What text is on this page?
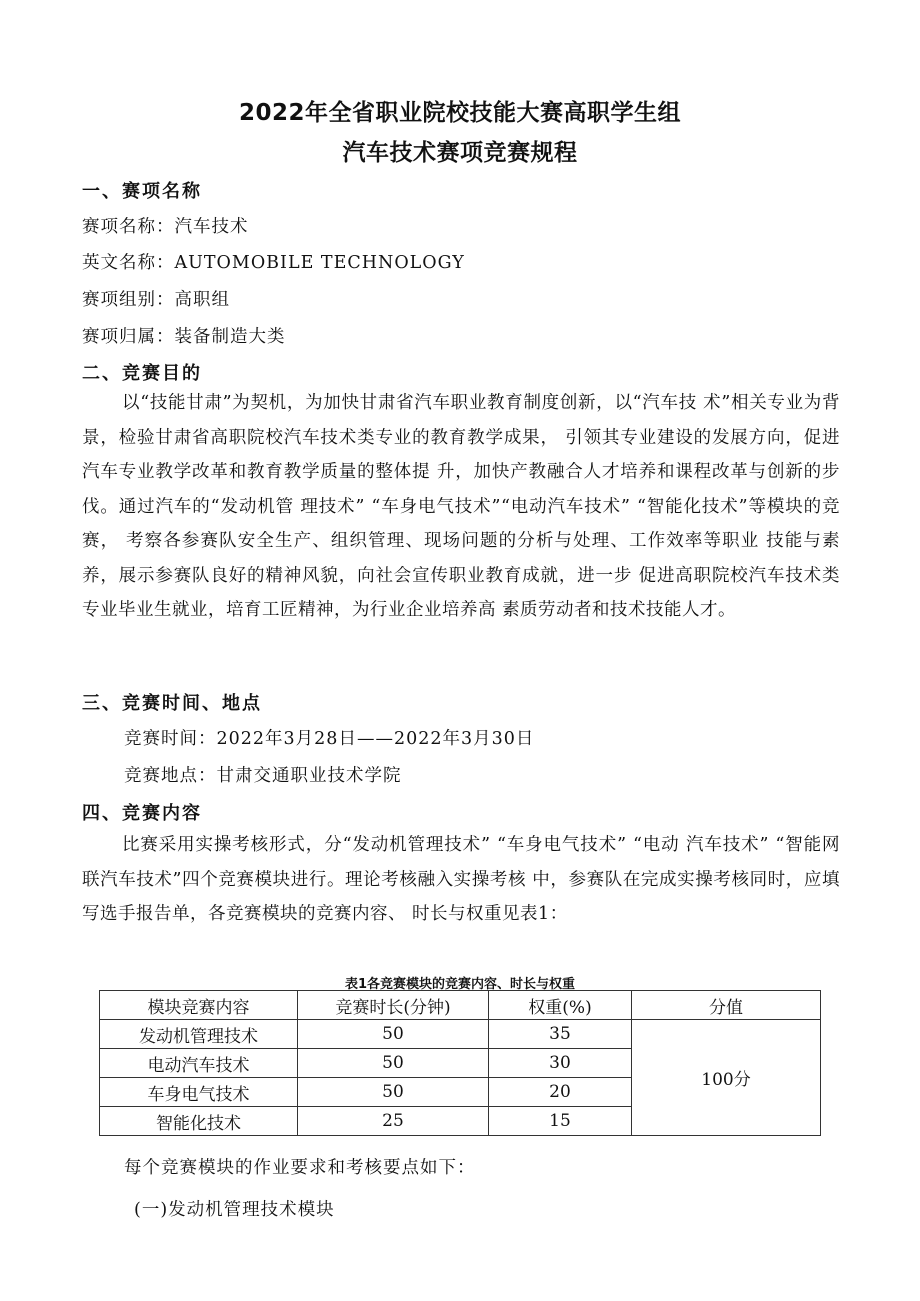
2022年全省职业院校技能大赛高职学生组
汽车技术赛项竞赛规程
一、赛项名称
赛项名称：汽车技术
英文名称：AUTOMOBILE TECHNOLOGY
赛项组别：高职组
赛项归属：装备制造大类
二、竞赛目的
以“技能甘肃”为契机，为加快甘肃省汽车职业教育制度创新，以“汽车技 术”相关专业为背景，检验甘肃省高职院校汽车技术类专业的教育教学成果， 引领其专业建设的发展方向，促进汽车专业教学改革和教育教学质量的整体提 升，加快产教融合人才培养和课程改革与创新的步伐。通过汽车的“发动机管 理技术” “车身电气技术”“电动汽车技术” “智能化技术”等模块的竞赛， 考察各参赛队安全生产、组织管理、现场问题的分析与处理、工作效率等职业 技能与素养，展示参赛队良好的精神风貌，向社会宣传职业教育成就，进一步 促进高职院校汽车技术类专业毕业生就业，培育工匠精神，为行业企业培养高 素质劳动者和技术技能人才。
三、竞赛时间、地点
竞赛时间：2022年3月28日——2022年3月30日
竞赛地点：甘肃交通职业技术学院
四、竞赛内容
比赛采用实操考核形式，分“发动机管理技术” “车身电气技术” “电动 汽车技术” “智能网联汽车技术”四个竞赛模块进行。理论考核融入实操考核 中，参赛队在完成实操考核同时，应填写选手报告单，各竞赛模块的竞赛内容、 时长与权重见表1：
表1各竞赛模块的竞赛内容、时长与权重
模块竞赛内容	竞赛时长(分钟)	权重(%)	分值
发动机管理技术	50	35	100分
电动汽车技术	50	30	
车身电气技术	50	20	
智能化技术	25	15	
每个竞赛模块的作业要求和考核要点如下：
(一)发动机管理技术模块
